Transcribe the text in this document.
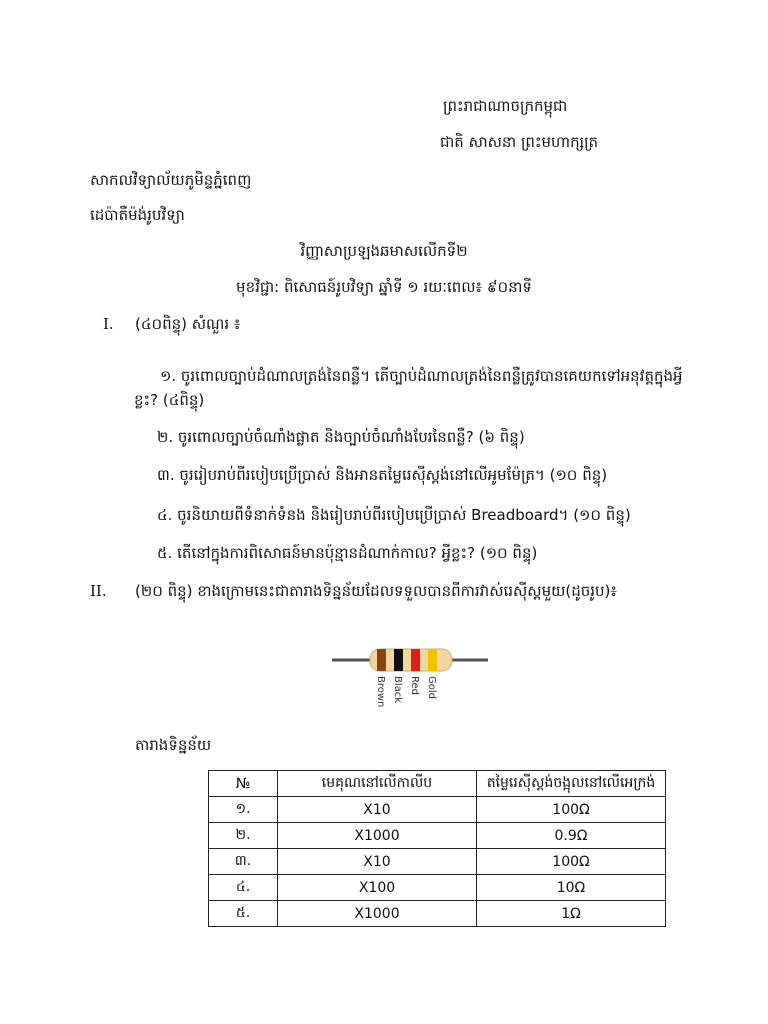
ព្រះរាជាណាចក្រកម្ពុជា
ជាតិ សាសនា ព្រះមហាក្សត្រ
សាកលវិទ្យាល័យភូមិន្ទភ្នំពេញ
ដេប៉ាតឺម៉ង់រូបវិទ្យា
វិញ្ញាសាប្រឡងឆមាសលើកទី២
មុខវិជ្ជា: ពិសោធន៍រូបវិទ្យា ឆ្នាំទី ១ រយៈពេល៖ ៩០នាទី
I. (៤០ពិន្ទុ) សំណួរ ៖
១. ចូរពោលច្បាប់ដំណាលត្រង់នៃពន្លឺ។ តើច្បាប់ដំណាលត្រង់នៃពន្លឺត្រូវបានគេយកទៅអនុវត្តក្នុងអ្វី
ខ្លះ? (៤ពិន្ទុ)
២. ចូរពោលច្បាប់ចំណាំងផ្លាត និងច្បាប់ចំណាំងបែរនៃពន្លឺ? (៦ ពិន្ទុ)
៣. ចូររៀបរាប់ពីរបៀបប្រើប្រាស់ និងអានតម្លៃរេស៊ីស្តង់នៅលើអូមម៉ែត្រ។ (១០ ពិន្ទុ)
៤. ចូរនិយាយពីទំនាក់ទំនង និងរៀបរាប់ពីរបៀបប្រើប្រាស់ Breadboard។ (១០ ពិន្ទុ)
៥. តើនៅក្នុងការពិសោធន៍មានប៉ុន្មានដំណាក់កាល? អ្វីខ្លះ? (១០ ពិន្ទុ)
II. (២០ ពិន្ទុ) ខាងក្រោមនេះជាតារាងទិន្នន័យដែលទទួលបានពីការវាស់រេស៊ីស្តមួយ(ដូចរូប)៖
Brown Black Red Gold
តារាងទិន្នន័យ
№	មេគុណនៅលើកាលីប	តម្លៃរេស៊ីស្តង់ចង្អុលនៅលើអេក្រង់
១.	X10	100Ω
២.	X1000	0.9Ω
៣.	X10	100Ω
៤.	X100	10Ω
៥.	X1000	1Ω
